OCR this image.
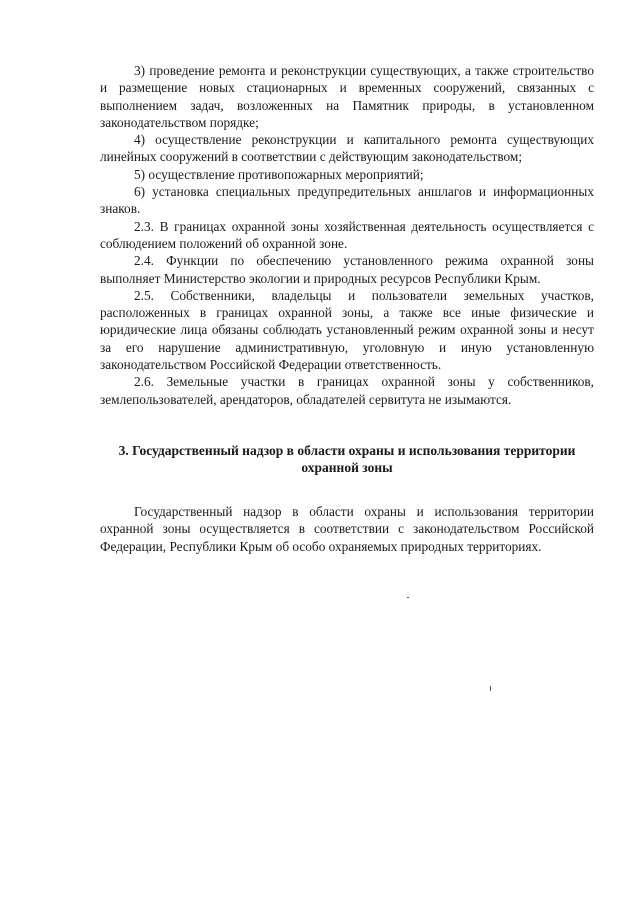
3) проведение ремонта и реконструкции существующих, а также строительство и размещение новых стационарных и временных сооружений, связанных с выполнением задач, возложенных на Памятник природы, в установленном законодательством порядке;

4) осуществление реконструкции и капитального ремонта существующих линейных сооружений в соответствии с действующим законодательством;

5) осуществление противопожарных мероприятий;

6) установка специальных предупредительных аншлагов и информационных знаков.

2.3. В границах охранной зоны хозяйственная деятельность осуществляется с соблюдением положений об охранной зоне.

2.4. Функции по обеспечению установленного режима охранной зоны выполняет Министерство экологии и природных ресурсов Республики Крым.

2.5. Собственники, владельцы и пользователи земельных участков, расположенных в границах охранной зоны, а также все иные физические и юридические лица обязаны соблюдать установленный режим охранной зоны и несут за его нарушение административную, уголовную и иную установленную законодательством Российской Федерации ответственность.

2.6. Земельные участки в границах охранной зоны у собственников, землепользователей, арендаторов, обладателей сервитута не изымаются.

3. Государственный надзор в области охраны и использования территории охранной зоны

Государственный надзор в области охраны и использования территории охранной зоны осуществляется в соответствии с законодательством Российской Федерации, Республики Крым об особо охраняемых природных территориях.
